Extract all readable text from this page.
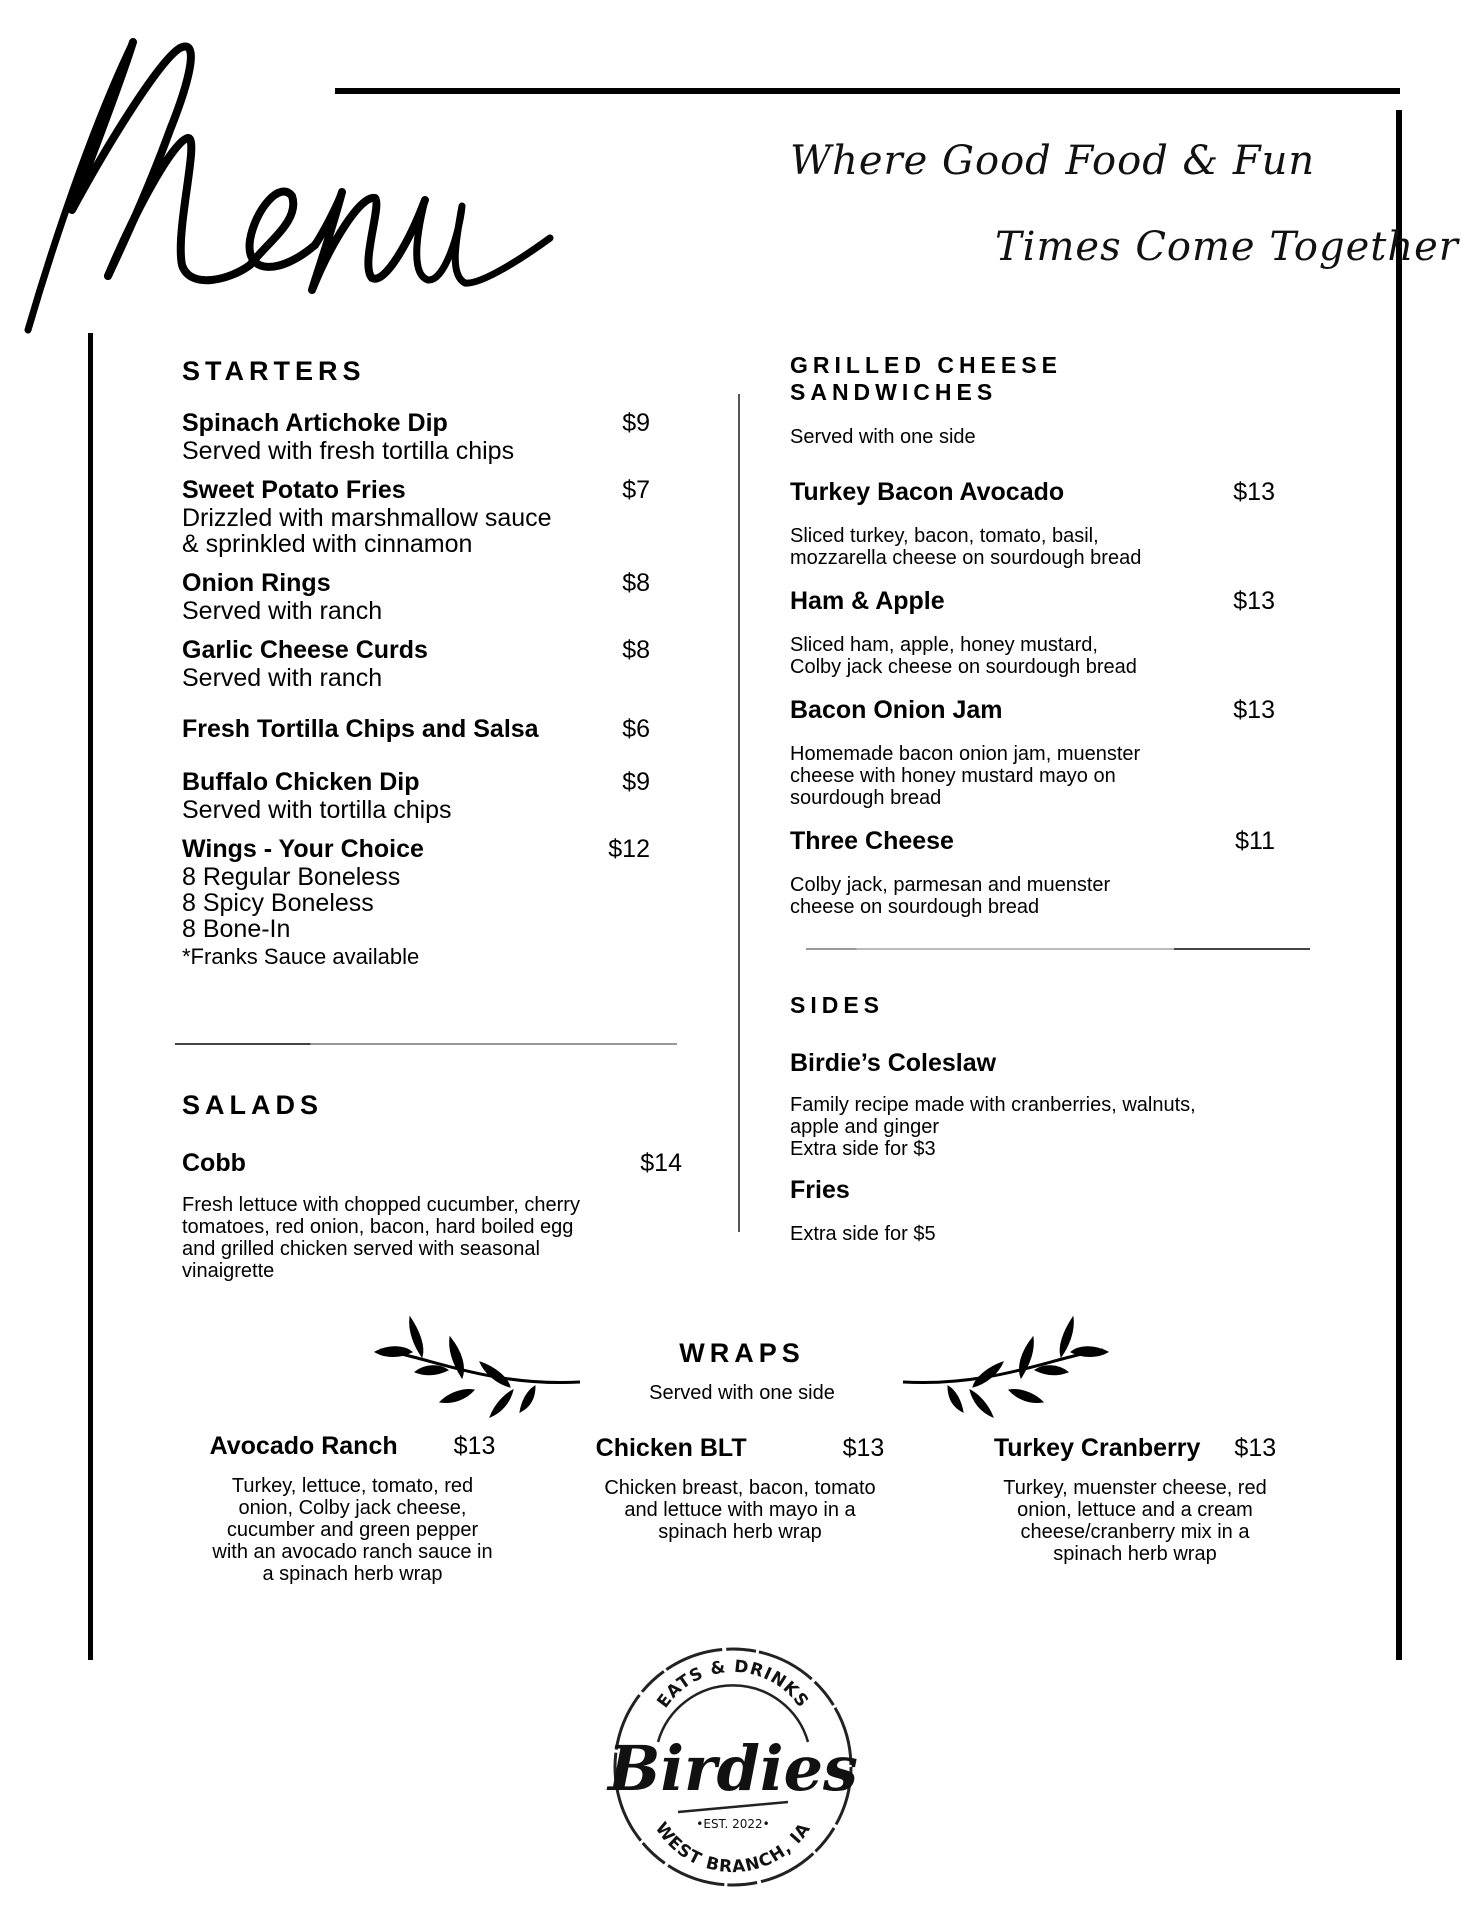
Where Good Food & Fun
Times Come Together
STARTERS
Spinach Artichoke Dip	$9
Served with fresh tortilla chips
Sweet Potato Fries	$7
Drizzled with marshmallow sauce
& sprinkled with cinnamon
Onion Rings	$8
Served with ranch
Garlic Cheese Curds	$8
Served with ranch
Fresh Tortilla Chips and Salsa	$6
Buffalo Chicken Dip	$9
Served with tortilla chips
Wings - Your Choice	$12
8 Regular Boneless
8 Spicy Boneless
8 Bone-In
*Franks Sauce available
SALADS
Cobb	$14
Fresh lettuce with chopped cucumber, cherry
tomatoes, red onion, bacon, hard boiled egg
and grilled chicken served with seasonal
vinaigrette
GRILLED CHEESE SANDWICHES
Served with one side
Turkey Bacon Avocado	$13
Sliced turkey, bacon, tomato, basil,
mozzarella cheese on sourdough bread
Ham & Apple	$13
Sliced ham, apple, honey mustard,
Colby jack cheese on sourdough bread
Bacon Onion Jam	$13
Homemade bacon onion jam, muenster
cheese with honey mustard mayo on
sourdough bread
Three Cheese	$11
Colby jack, parmesan and muenster
cheese on sourdough bread
SIDES
Birdie’s Coleslaw
Family recipe made with cranberries, walnuts,
apple and ginger
Extra side for $3
Fries
Extra side for $5
WRAPS
Served with one side
Avocado Ranch $13
Turkey, lettuce, tomato, red
onion, Colby jack cheese,
cucumber and green pepper
with an avocado ranch sauce in
a spinach herb wrap
Chicken BLT	$13
Chicken breast, bacon, tomato
and lettuce with mayo in a
spinach herb wrap
Turkey Cranberry $13
Turkey, muenster cheese, red
onion, lettuce and a cream
cheese/cranberry mix in a
spinach herb wrap
EATS & DRINKS
Birdies
•EST. 2022•
WEST BRANCH, IA
